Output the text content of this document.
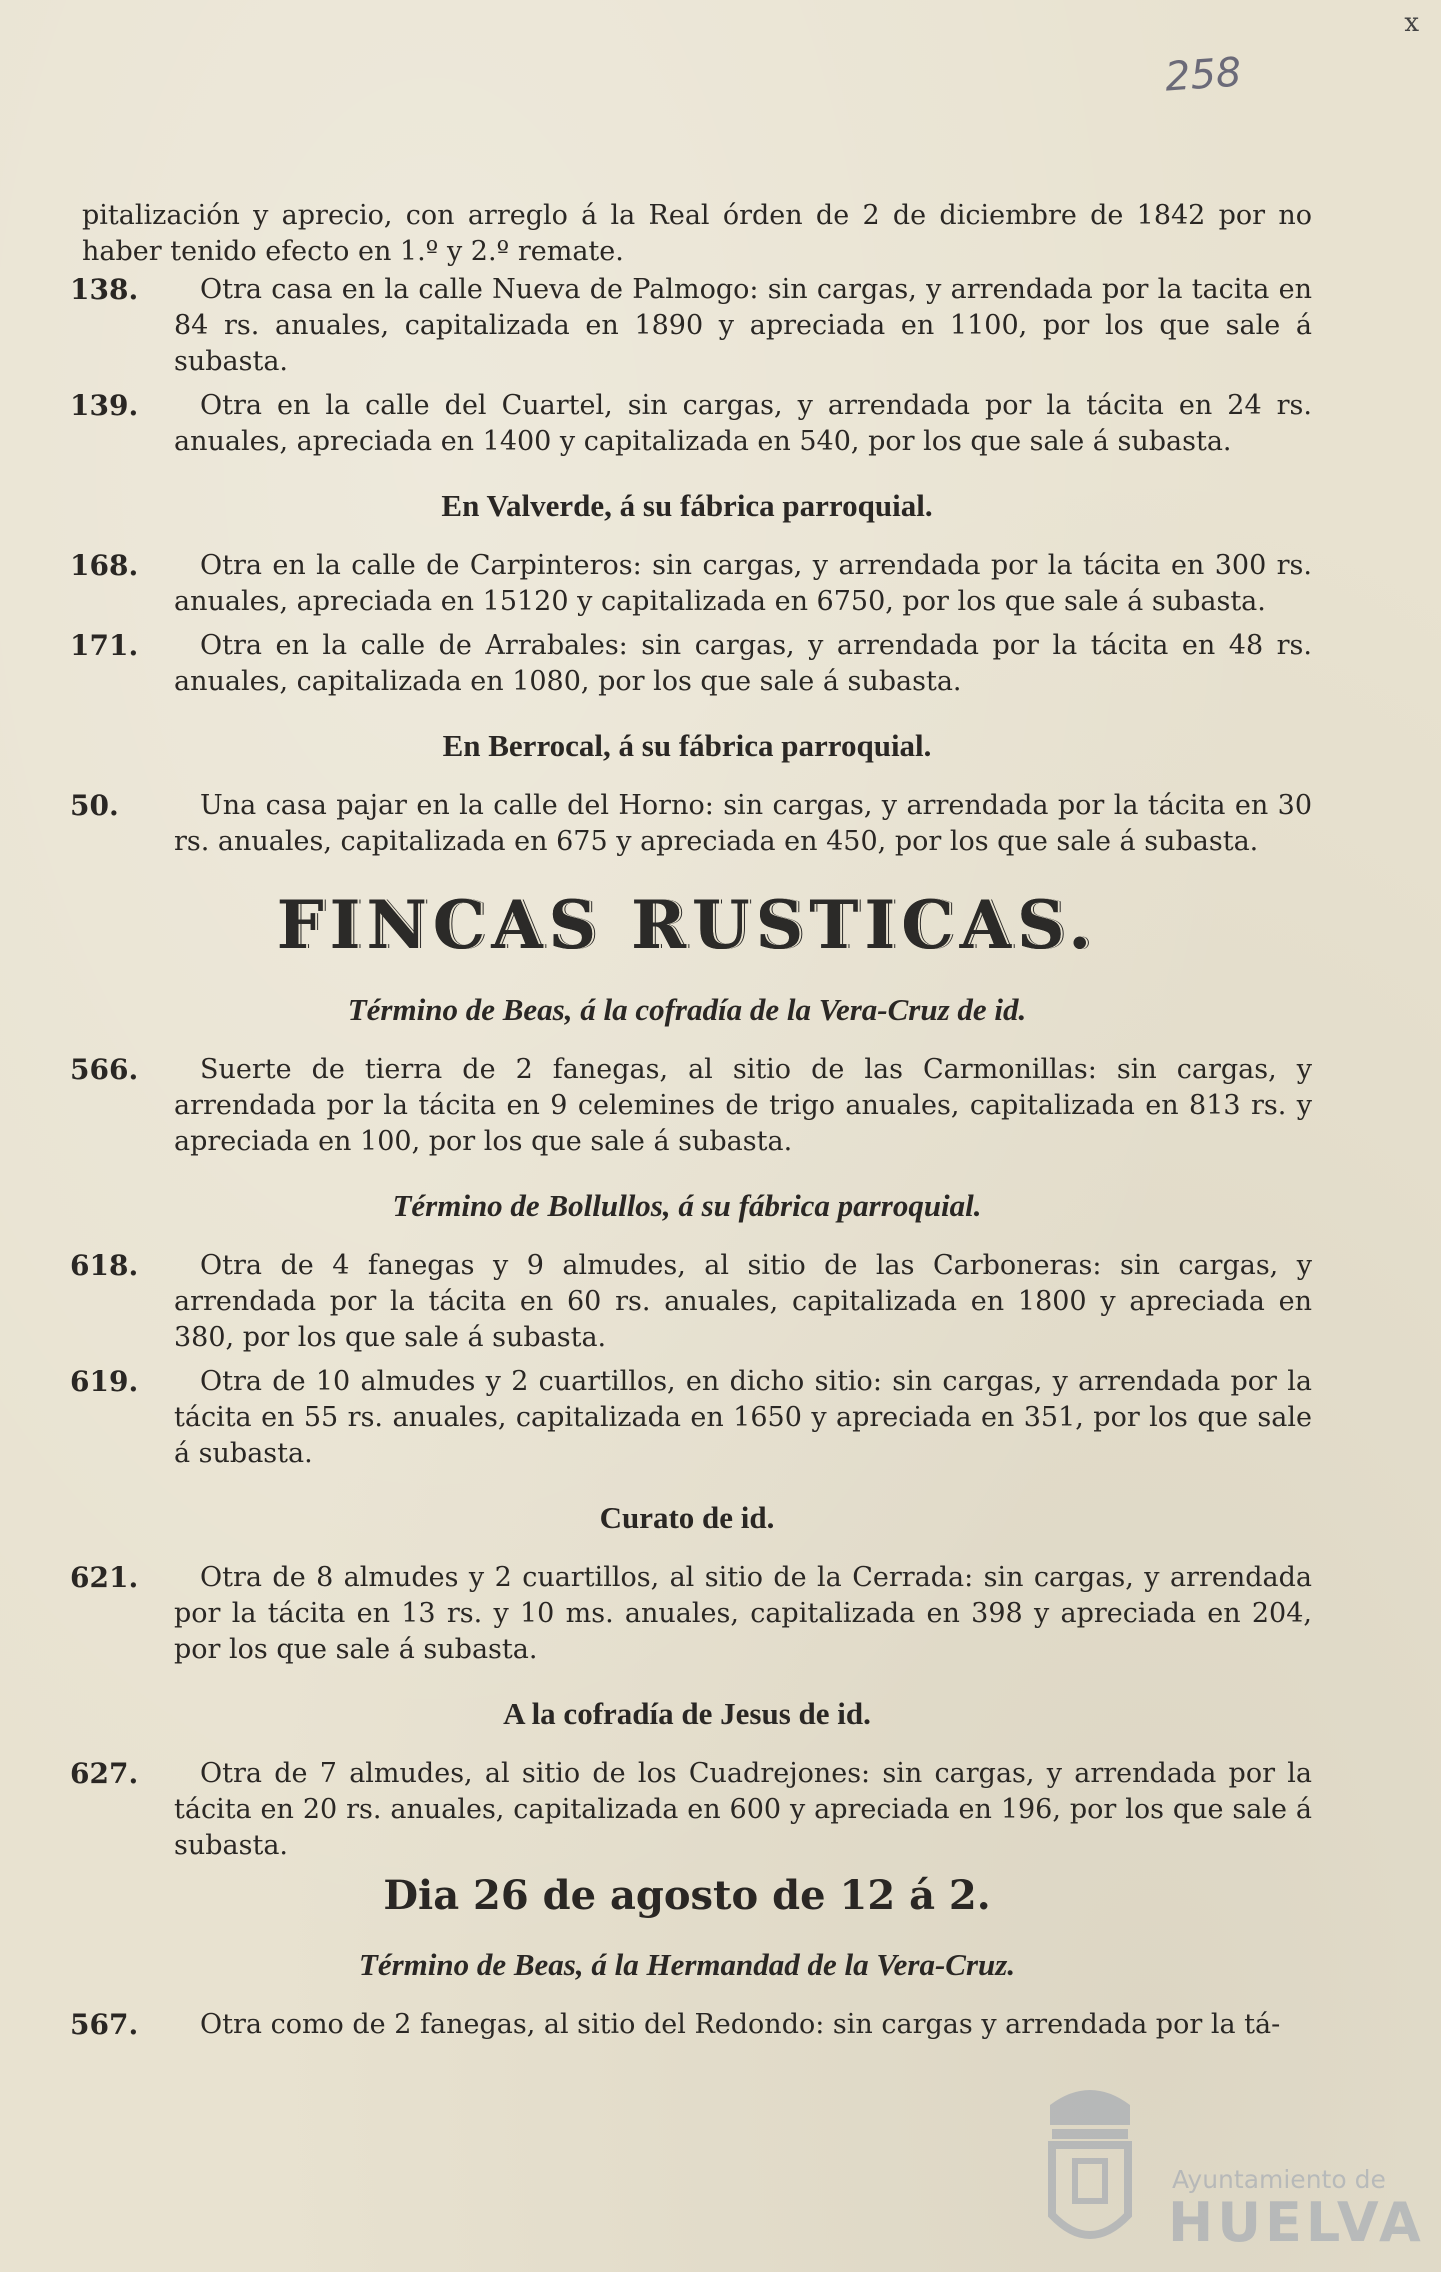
x
258
pitalización y aprecio, con arreglo á la Real órden de 2 de diciembre de 1842 por no haber tenido efecto en 1.º y 2.º remate.
138.	Otra casa en la calle Nueva de Palmogo: sin cargas, y arrendada por la tacita en 84 rs. anuales, capitalizada en 1890 y apreciada en 1100, por los que sale á subasta.
139.	Otra en la calle del Cuartel, sin cargas, y arrendada por la tácita en 24 rs. anuales, apreciada en 1400 y capitalizada en 540, por los que sale á subasta.
En Valverde, á su fábrica parroquial.
168.	Otra en la calle de Carpinteros: sin cargas, y arrendada por la tácita en 300 rs. anuales, apreciada en 15120 y capitalizada en 6750, por los que sale á subasta.
171.	Otra en la calle de Arrabales: sin cargas, y arrendada por la tácita en 48 rs. anuales, capitalizada en 1080, por los que sale á subasta.
En Berrocal, á su fábrica parroquial.
50.	Una casa pajar en la calle del Horno: sin cargas, y arrendada por la tácita en 30 rs. anuales, capitalizada en 675 y apreciada en 450, por los que sale á subasta.
FINCAS RUSTICAS.
Término de Beas, á la cofradía de la Vera-Cruz de id.
566.	Suerte de tierra de 2 fanegas, al sitio de las Carmonillas: sin cargas, y arrendada por la tácita en 9 celemines de trigo anuales, capitalizada en 813 rs. y apreciada en 100, por los que sale á subasta.
Término de Bollullos, á su fábrica parroquial.
618.	Otra de 4 fanegas y 9 almudes, al sitio de las Carboneras: sin cargas, y arrendada por la tácita en 60 rs. anuales, capitalizada en 1800 y apreciada en 380, por los que sale á subasta.
619.	Otra de 10 almudes y 2 cuartillos, en dicho sitio: sin cargas, y arrendada por la tácita en 55 rs. anuales, capitalizada en 1650 y apreciada en 351, por los que sale á subasta.
Curato de id.
621.	Otra de 8 almudes y 2 cuartillos, al sitio de la Cerrada: sin cargas, y arrendada por la tácita en 13 rs. y 10 ms. anuales, capitalizada en 398 y apreciada en 204, por los que sale á subasta.
A la cofradía de Jesus de id.
627.	Otra de 7 almudes, al sitio de los Cuadrejones: sin cargas, y arrendada por la tácita en 20 rs. anuales, capitalizada en 600 y apreciada en 196, por los que sale á subasta.
Dia 26 de agosto de 12 á 2.
Término de Beas, á la Hermandad de la Vera-Cruz.
567.	Otra como de 2 fanegas, al sitio del Redondo: sin cargas y arrendada por la tá-
Ayuntamiento de
HUELVA
